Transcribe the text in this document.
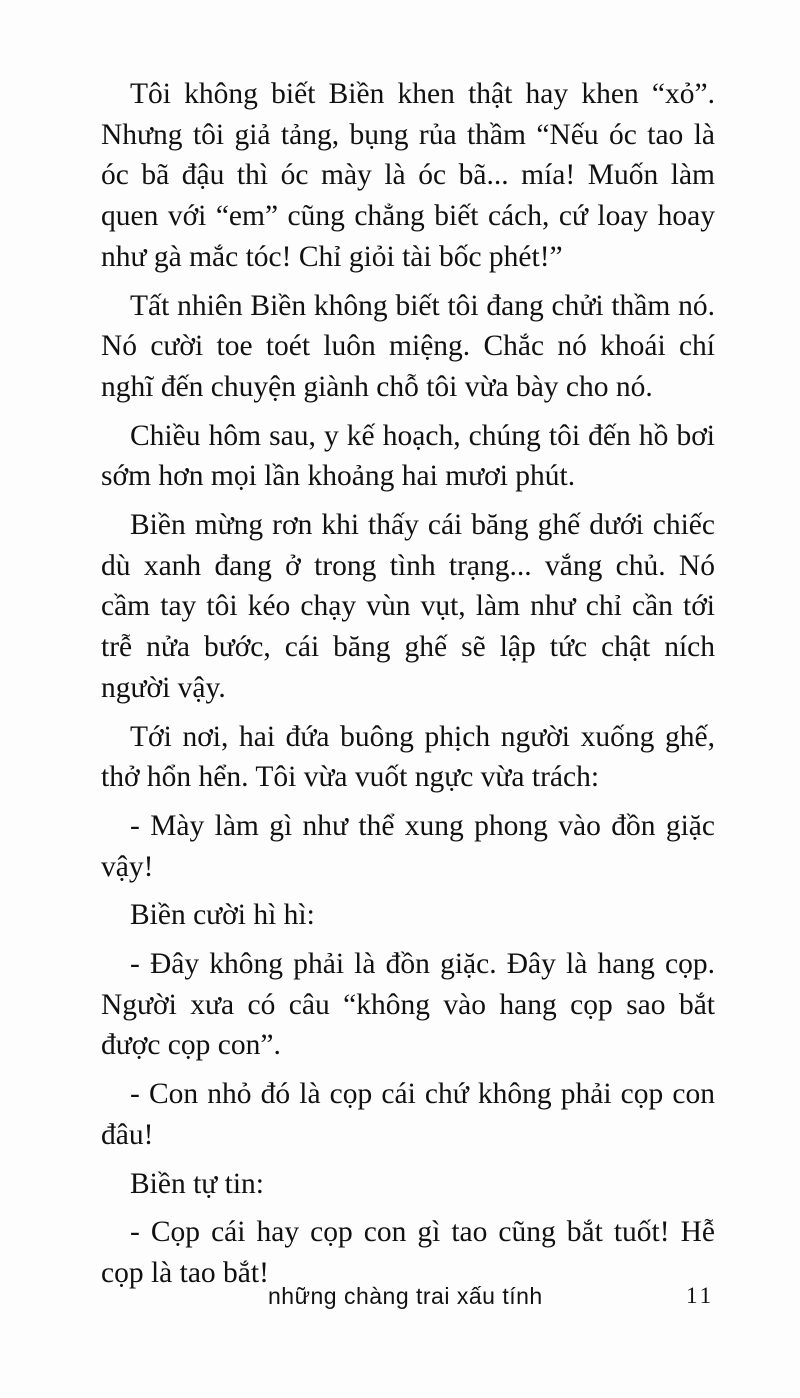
Tôi không biết Biền khen thật hay khen “xỏ”. Nhưng tôi giả tảng, bụng rủa thầm “Nếu óc tao là óc bã đậu thì óc mày là óc bã... mía! Muốn làm quen với “em” cũng chẳng biết cách, cứ loay hoay như gà mắc tóc! Chỉ giỏi tài bốc phét!”

Tất nhiên Biền không biết tôi đang chửi thầm nó. Nó cười toe toét luôn miệng. Chắc nó khoái chí nghĩ đến chuyện giành chỗ tôi vừa bày cho nó.

Chiều hôm sau, y kế hoạch, chúng tôi đến hồ bơi sớm hơn mọi lần khoảng hai mươi phút.

Biền mừng rơn khi thấy cái băng ghế dưới chiếc dù xanh đang ở trong tình trạng... vắng chủ. Nó cầm tay tôi kéo chạy vùn vụt, làm như chỉ cần tới trễ nửa bước, cái băng ghế sẽ lập tức chật ních người vậy.

Tới nơi, hai đứa buông phịch người xuống ghế, thở hổn hển. Tôi vừa vuốt ngực vừa trách:

- Mày làm gì như thể xung phong vào đồn giặc vậy!

Biền cười hì hì:

- Đây không phải là đồn giặc. Đây là hang cọp. Người xưa có câu “không vào hang cọp sao bắt được cọp con”.

- Con nhỏ đó là cọp cái chứ không phải cọp con đâu!

Biền tự tin:

- Cọp cái hay cọp con gì tao cũng bắt tuốt! Hễ cọp là tao bắt!

những chàng trai xấu tính	11
